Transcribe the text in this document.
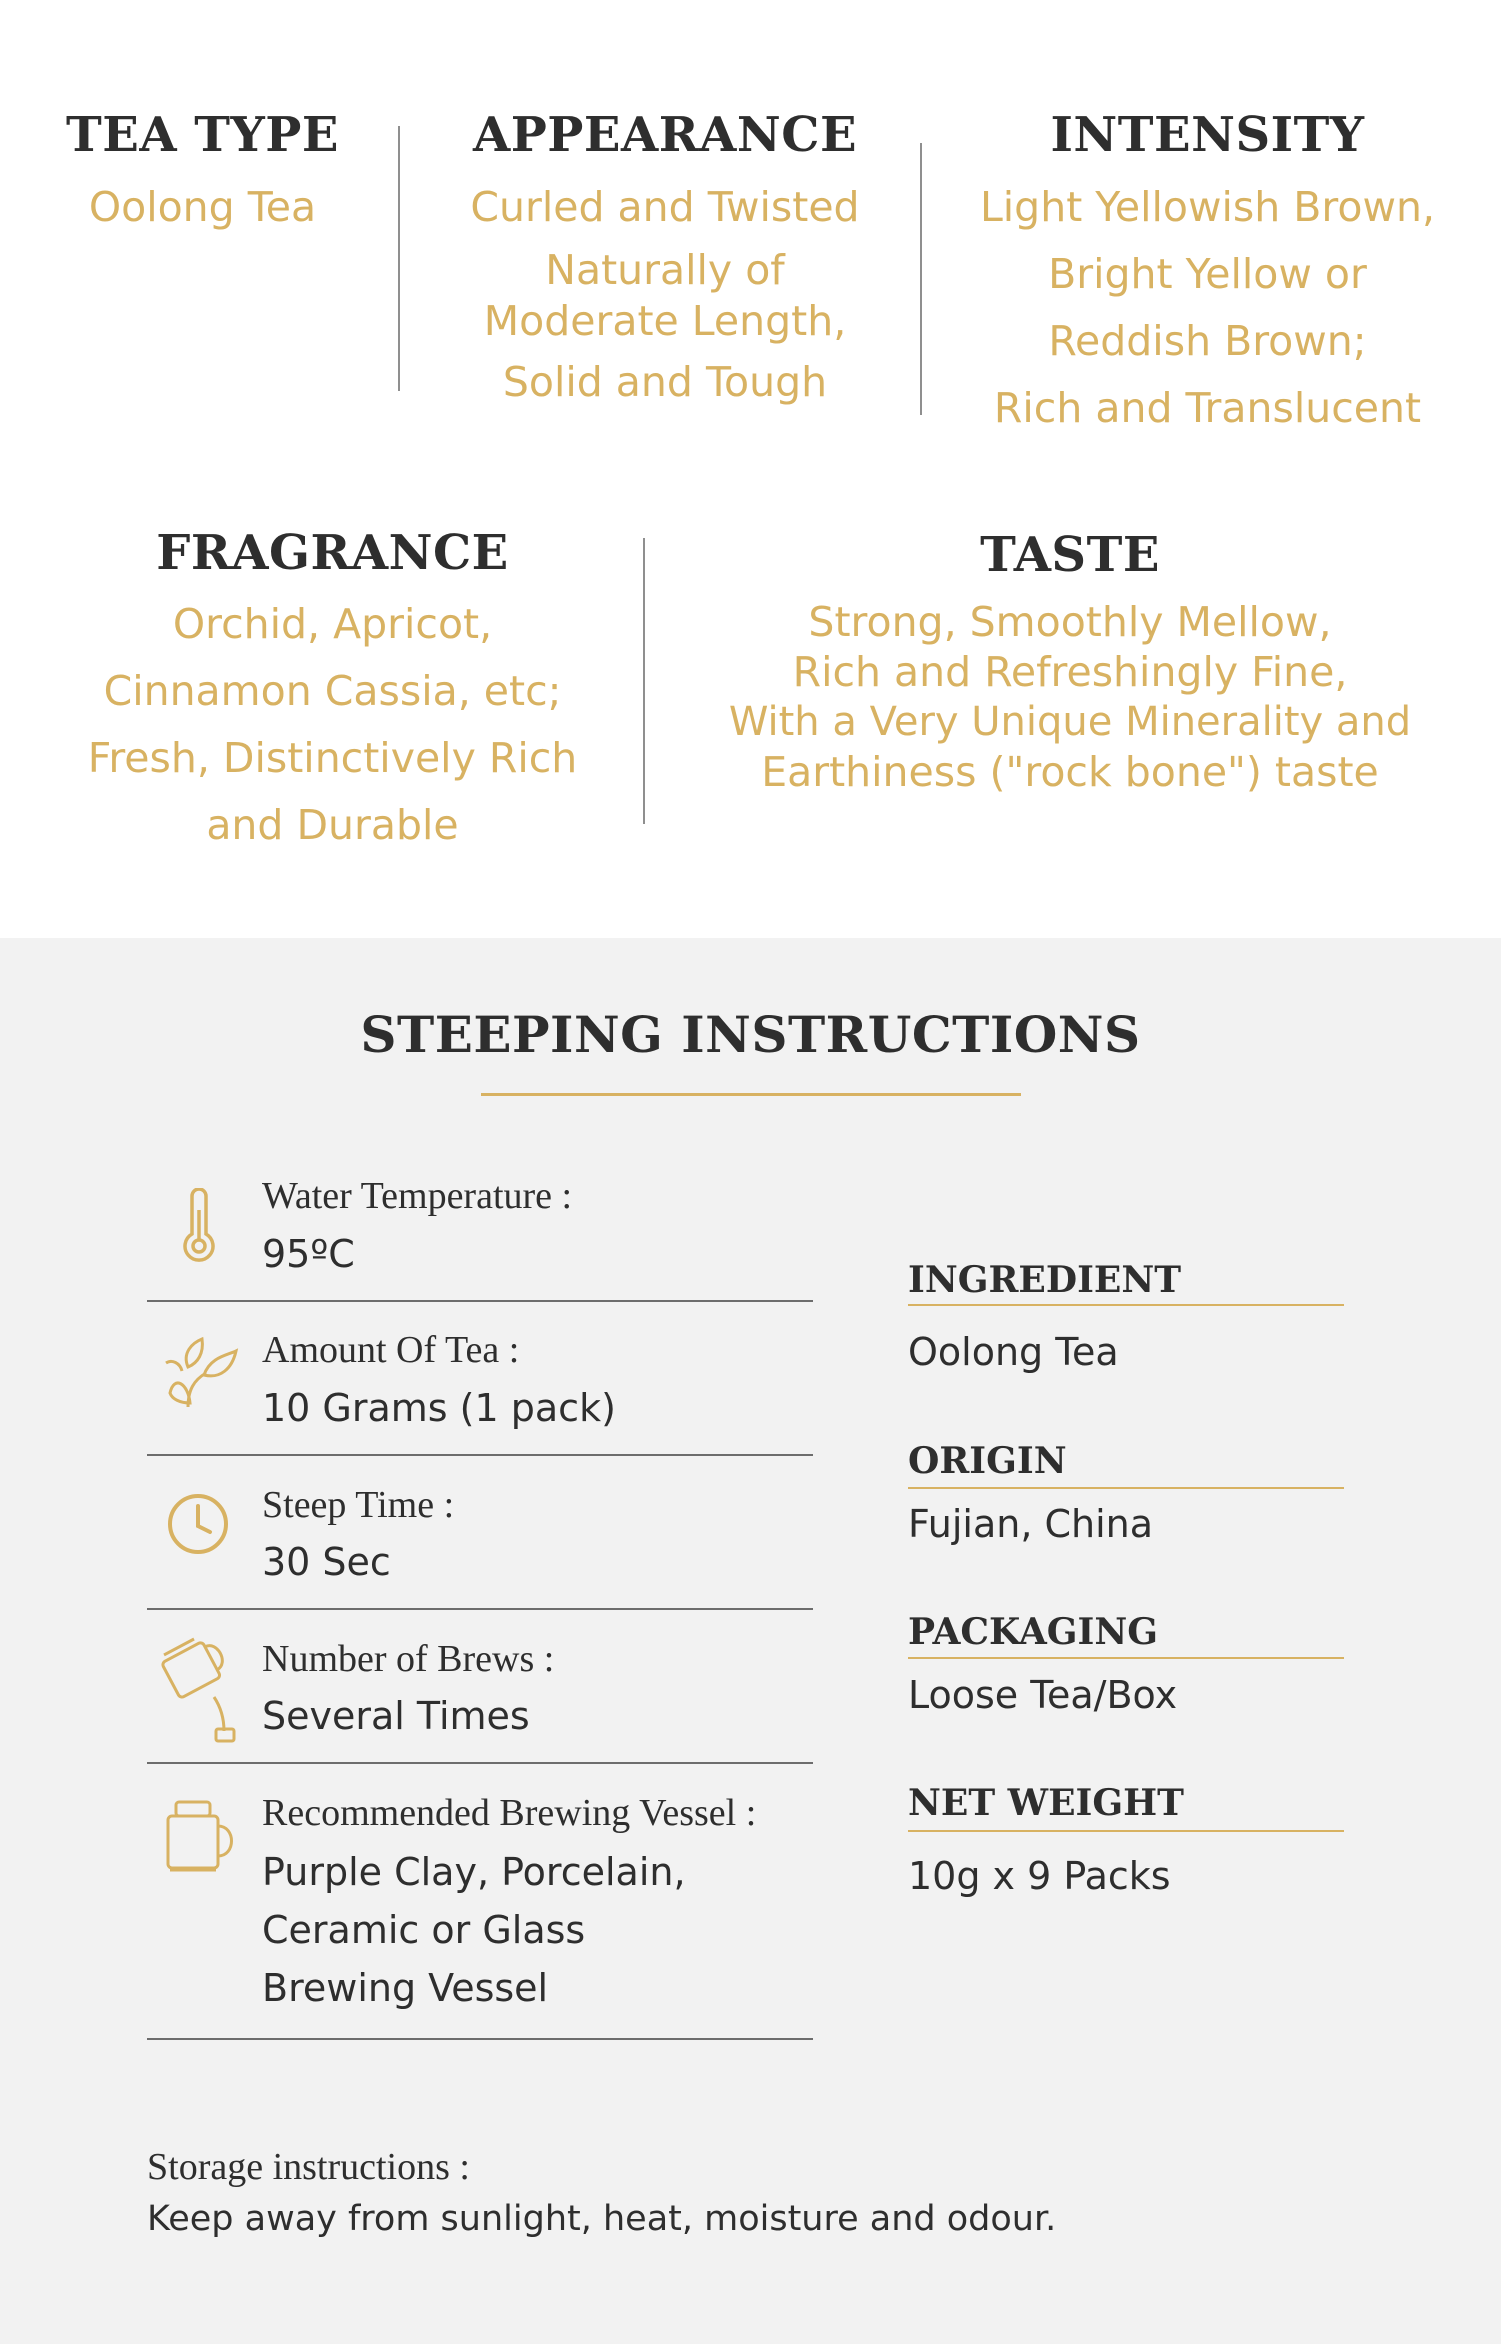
TEA TYPE
Oolong Tea
APPEARANCE
Curled and Twisted
Naturally of
Moderate Length,
Solid and Tough
INTENSITY
Light Yellowish Brown,
Bright Yellow or
Reddish Brown;
Rich and Translucent
FRAGRANCE
Orchid, Apricot,
Cinnamon Cassia, etc;
Fresh, Distinctively Rich
and Durable
TASTE
Strong, Smoothly Mellow,
Rich and Refreshingly Fine,
With a Very Unique Minerality and
Earthiness ("rock bone") taste
STEEPING INSTRUCTIONS
Water Temperature :
95ºC
Amount Of Tea :
10 Grams (1 pack)
Steep Time :
30 Sec
Number of Brews :
Several Times
Recommended Brewing Vessel :
Purple Clay, Porcelain,
Ceramic or Glass
Brewing Vessel
INGREDIENT
Oolong Tea
ORIGIN
Fujian, China
PACKAGING
Loose Tea/Box
NET WEIGHT
10g x 9 Packs
Storage instructions :
Keep away from sunlight, heat, moisture and odour.
